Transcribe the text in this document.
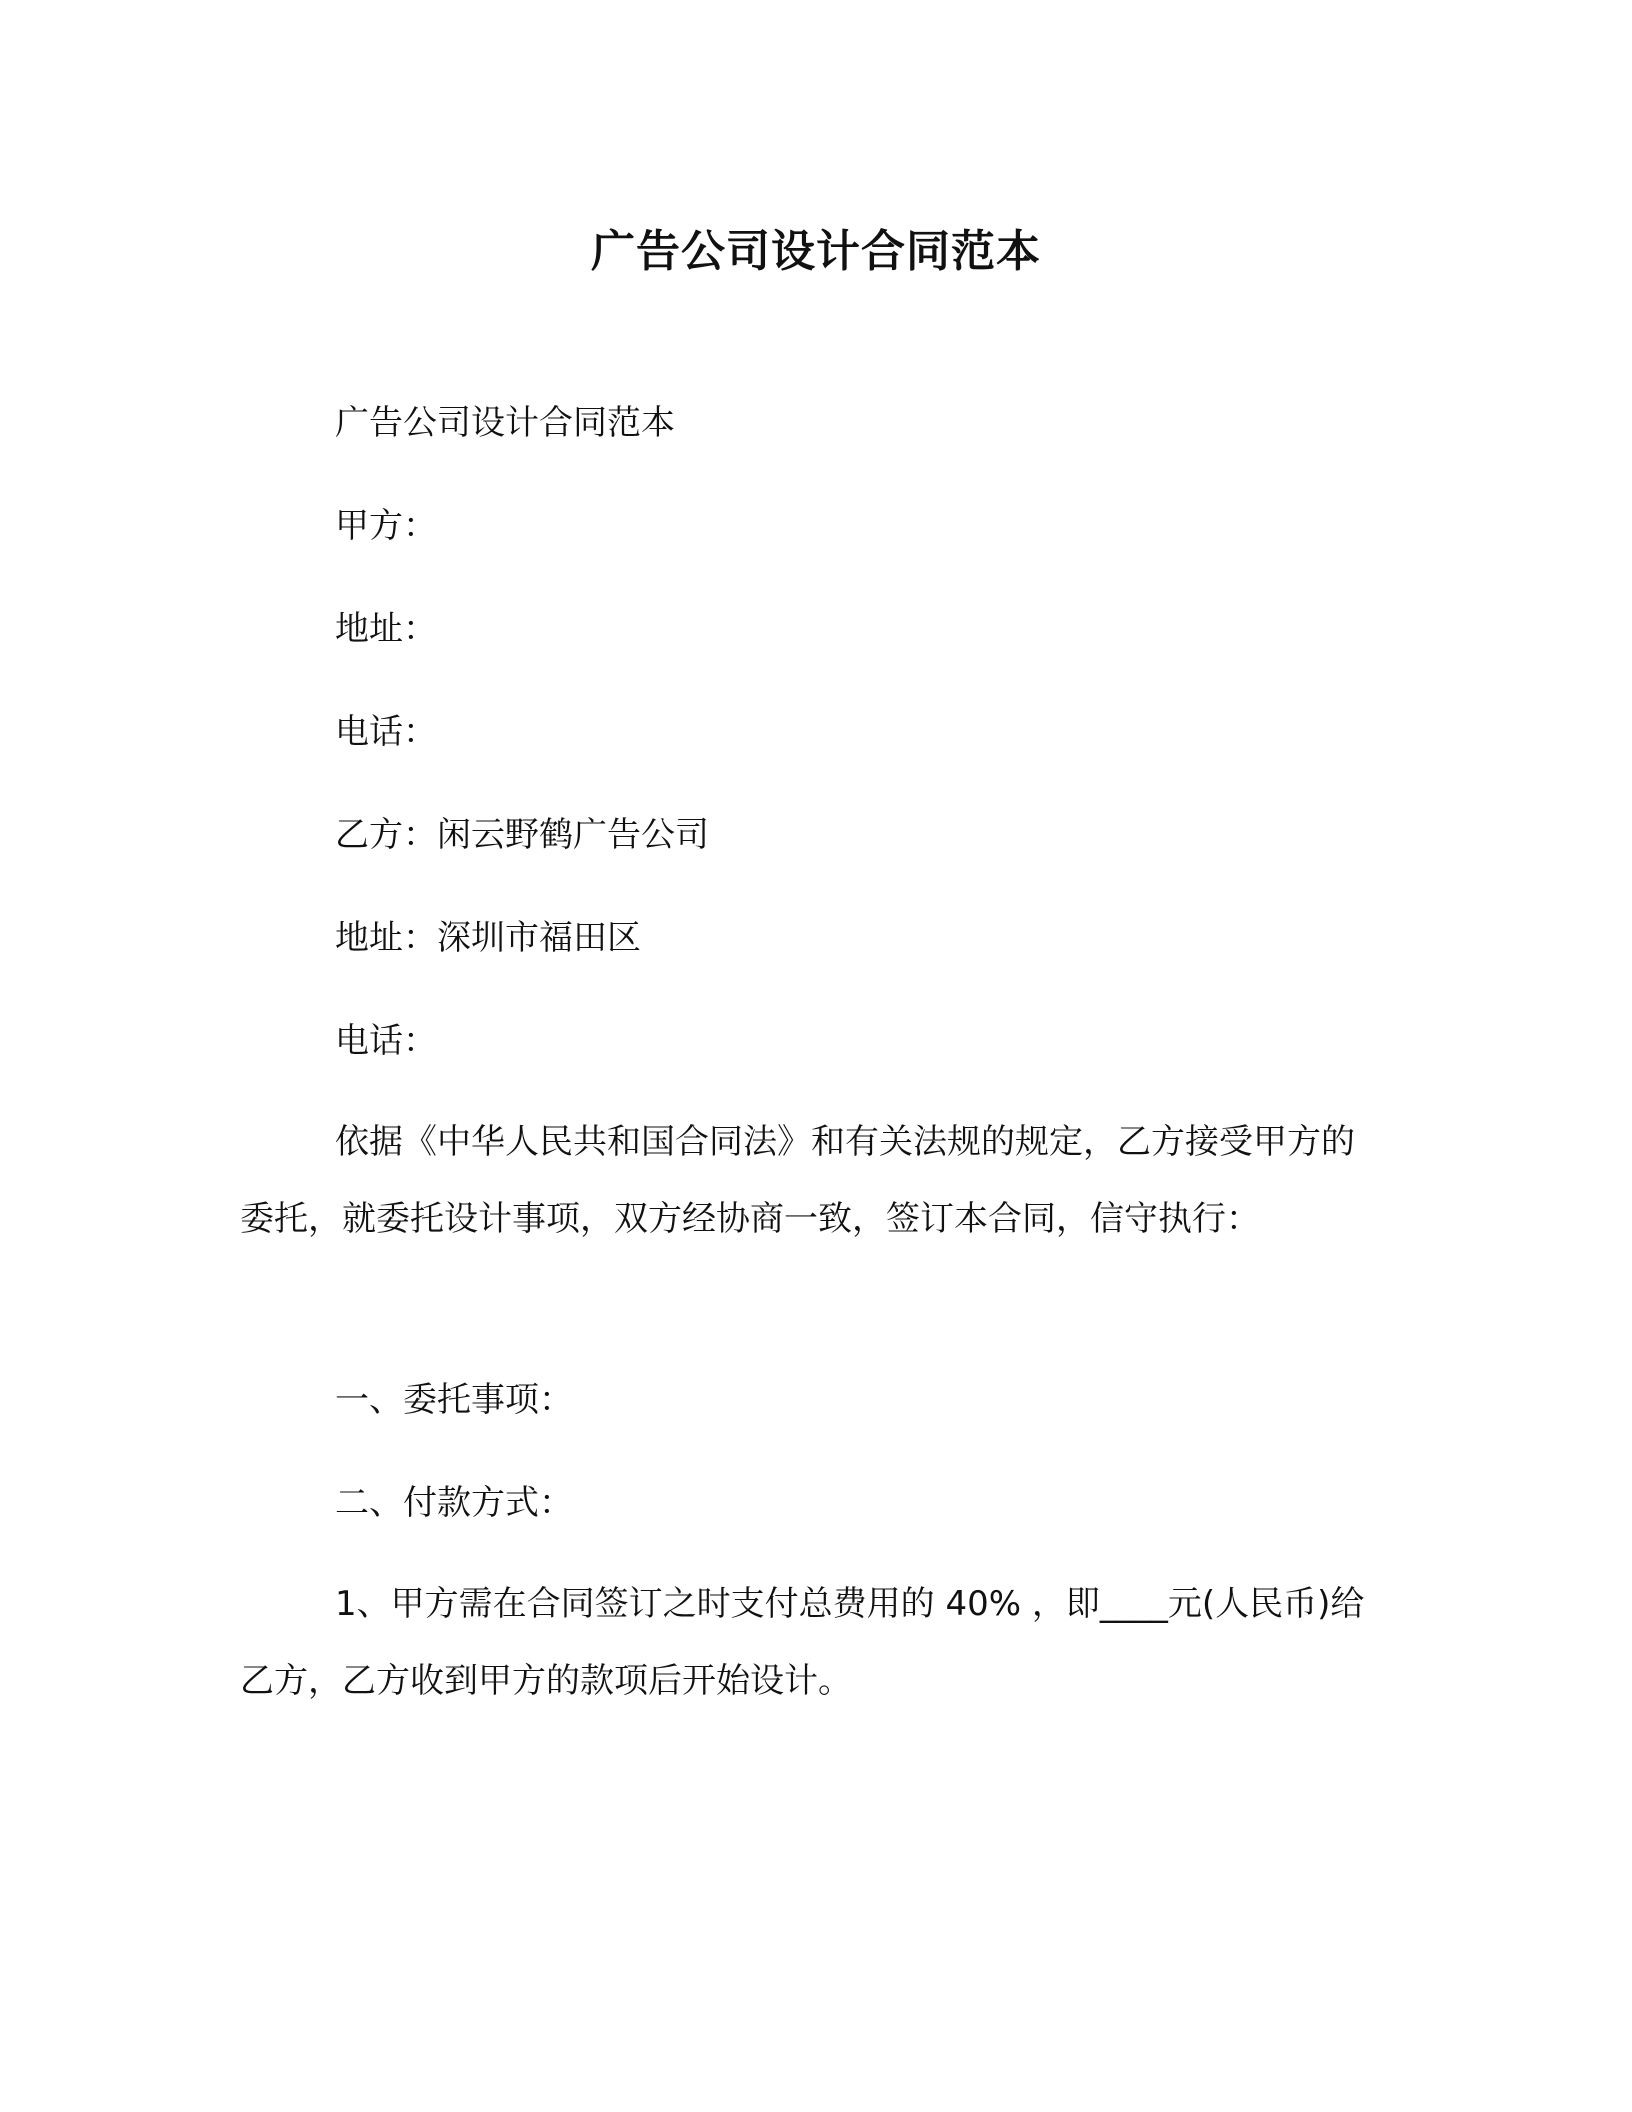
广告公司设计合同范本
广告公司设计合同范本
甲方：
地址：
电话：
乙方：闲云野鹤广告公司
地址：深圳市福田区
电话：
依据《中华人民共和国合同法》和有关法规的规定，乙方接受甲方的委托，就委托设计事项，双方经协商一致，签订本合同，信守执行：
一、委托事项：
二、付款方式：
1、甲方需在合同签订之时支付总费用的 40% ，即____元(人民币)给乙方，乙方收到甲方的款项后开始设计。
